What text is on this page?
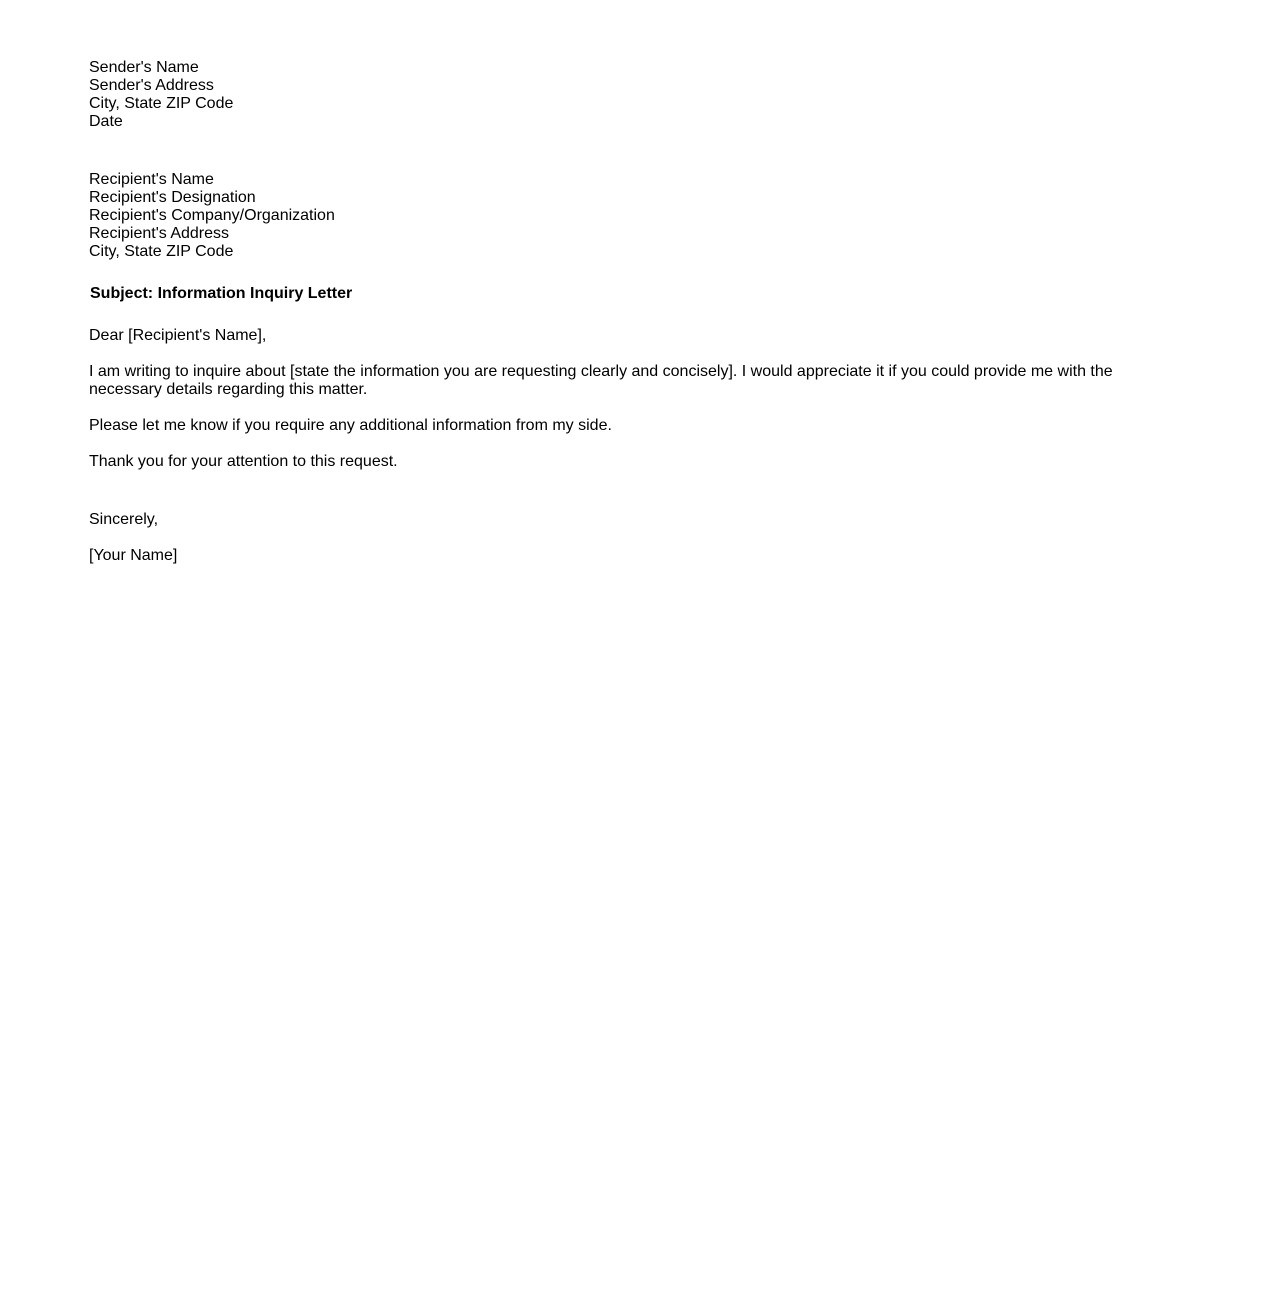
Sender's Name
Sender's Address
City, State ZIP Code
Date
Recipient's Name
Recipient's Designation
Recipient's Company/Organization
Recipient's Address
City, State ZIP Code
Subject: Information Inquiry Letter
Dear [Recipient's Name],
I am writing to inquire about [state the information you are requesting clearly and concisely]. I would appreciate it if you could provide me with the necessary details regarding this matter.
Please let me know if you require any additional information from my side.
Thank you for your attention to this request.
Sincerely,
[Your Name]
